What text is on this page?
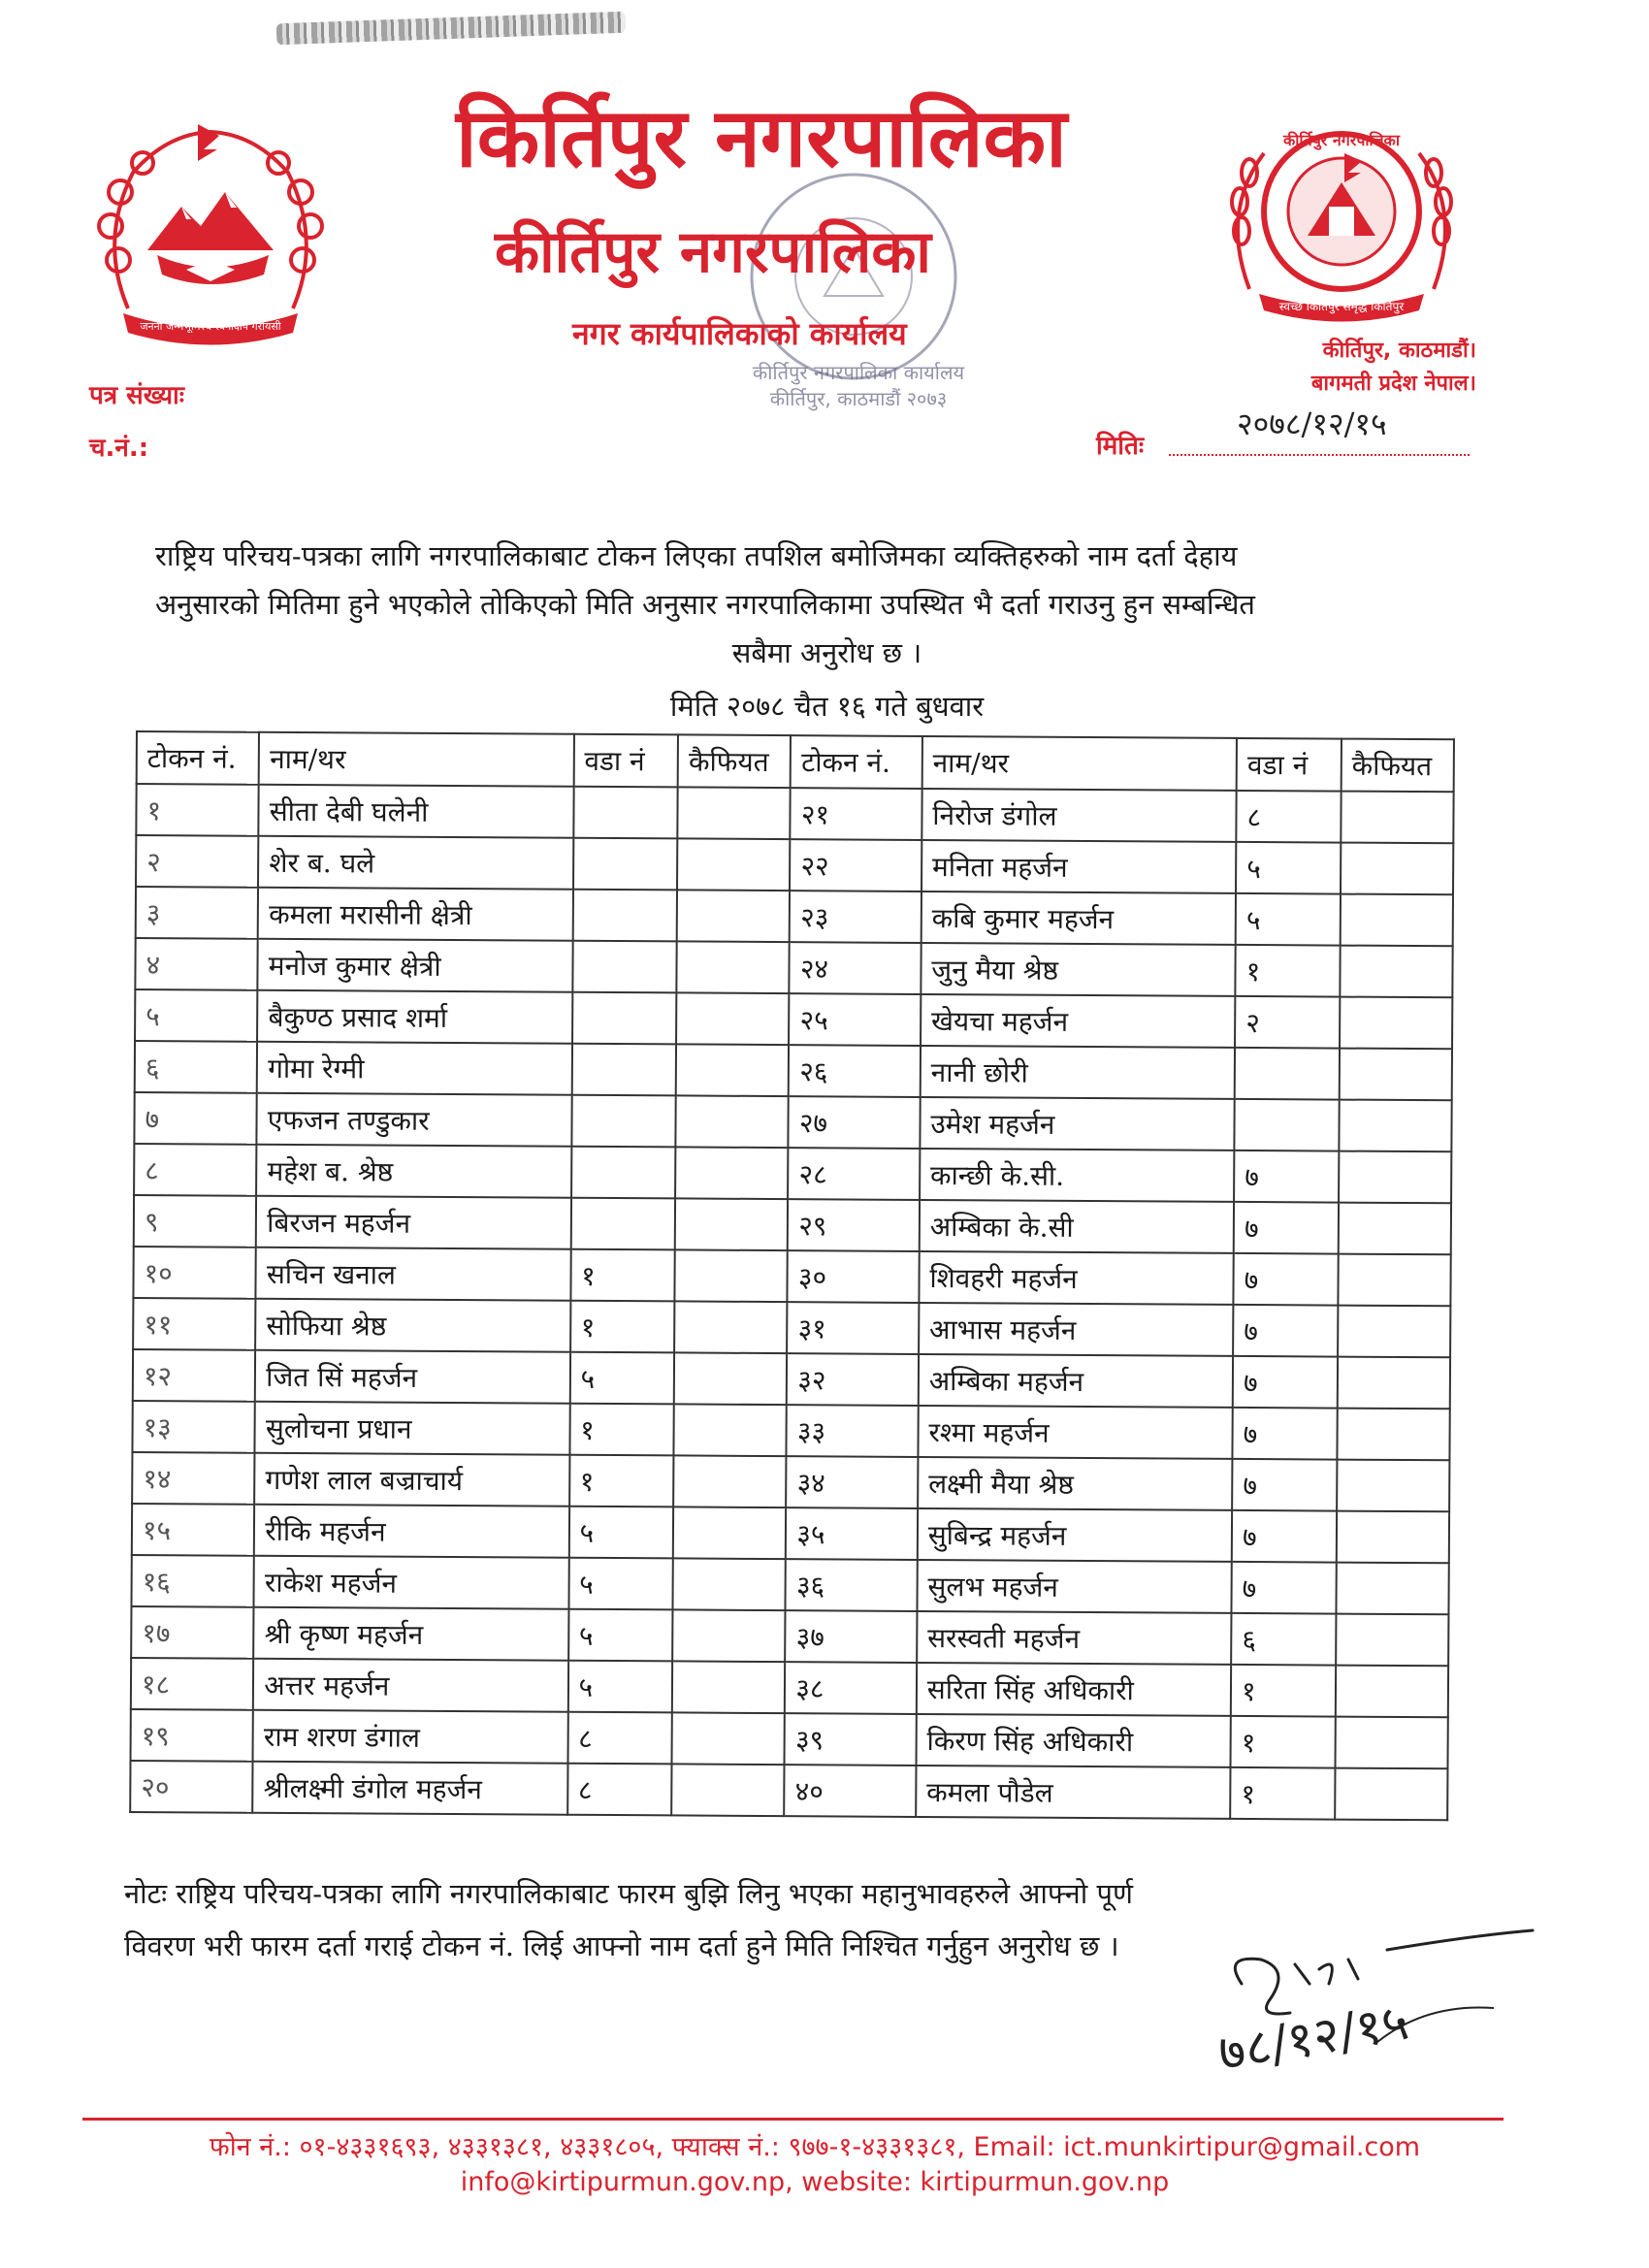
जननी जन्मभूमिश्च स्वर्गादपि गरीयसी
कीर्तिपुर नगरपालिका
स्वच्छ किर्तिपुर समृद्ध किर्तिपुर
किर्तिपुर नगरपालिका
कीर्तिपुर नगरपालिका
नगर कार्यपालिकाको कार्यालय
कीर्तिपुर नगरपालिका कार्यालय कीर्तिपुर, काठमाडौं २०७३
कीर्तिपुर, काठमाडौं।
बागमती प्रदेश नेपाल।
पत्र संख्याः
च.नं.:	मितिः
२०७८/१२/१५
राष्ट्रिय परिचय-पत्रका लागि नगरपालिकाबाट टोकन लिएका तपशिल बमोजिमका व्यक्तिहरुको नाम दर्ता देहाय
अनुसारको मितिमा हुने भएकोले तोकिएको मिति अनुसार नगरपालिकामा उपस्थित भै दर्ता गराउनु हुन सम्बन्धित
सबैमा अनुरोध छ ।
मिति २०७८ चैत १६ गते बुधवार
टोकन नं.	नाम/थर	वडा नं	कैफियत	टोकन नं.	नाम/थर	वडा नं	कैफियत
१	सीता देबी घलेनी			२१	निरोज डंगोल	८	
२	शेर ब. घले			२२	मनिता महर्जन	५	
३	कमला मरासीनी क्षेत्री			२३	कबि कुमार महर्जन	५	
४	मनोज कुमार क्षेत्री			२४	जुनु मैया श्रेष्ठ	१	
५	बैकुण्ठ प्रसाद शर्मा			२५	खेयचा महर्जन	२	
६	गोमा रेग्मी			२६	नानी छोरी		
७	एफजन तण्डुकार			२७	उमेश महर्जन		
८	महेश ब. श्रेष्ठ			२८	कान्छी के.सी.	७	
९	बिरजन महर्जन			२९	अम्बिका के.सी	७	
१०	सचिन खनाल	१		३०	शिवहरी महर्जन	७	
११	सोफिया श्रेष्ठ	१		३१	आभास महर्जन	७	
१२	जित सिं महर्जन	५		३२	अम्बिका महर्जन	७	
१३	सुलोचना प्रधान	१		३३	रश्मा महर्जन	७	
१४	गणेश लाल बज्राचार्य	१		३४	लक्ष्मी मैया श्रेष्ठ	७	
१५	रीकि महर्जन	५		३५	सुबिन्द्र महर्जन	७	
१६	राकेश महर्जन	५		३६	सुलभ महर्जन	७	
१७	श्री कृष्ण महर्जन	५		३७	सरस्वती महर्जन	६	
१८	अत्तर महर्जन	५		३८	सरिता सिंह अधिकारी	१	
१९	राम शरण डंगाल	८		३९	किरण सिंह अधिकारी	१	
२०	श्रीलक्ष्मी डंगोल महर्जन	८		४०	कमला पौडेल	१	
नोटः राष्ट्रिय परिचय-पत्रका लागि नगरपालिकाबाट फारम बुझि लिनु भएका महानुभावहरुले आफ्नो पूर्ण
विवरण भरी फारम दर्ता गराई टोकन नं. लिई आफ्नो नाम दर्ता हुने मिति निश्चित गर्नुहुन अनुरोध छ ।
७८/१२/१५
फोन नं.: ०१-४३३१६९३, ४३३१३८१, ४३३१८०५, फ्याक्स नं.: ९७७-१-४३३१३८१, Email: ict.munkirtipur@gmail.com
info@kirtipurmun.gov.np, website: kirtipurmun.gov.np
